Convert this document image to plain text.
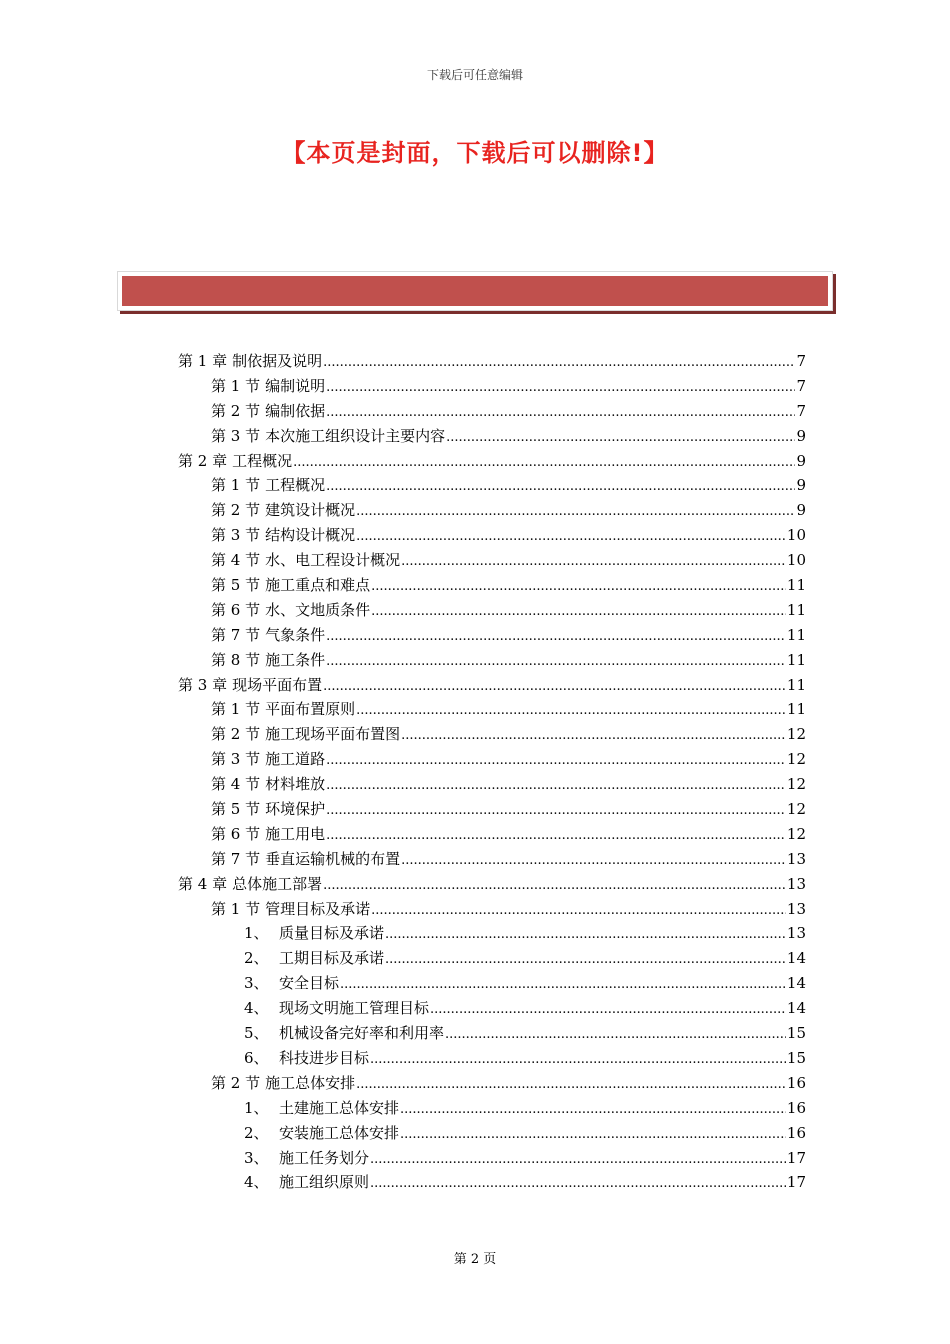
下载后可任意编辑
【本页是封面，下载后可以删除!】
第 1 章 制依据及说明 .....	7
第 1 节 编制说明 .....	7
第 2 节 编制依据 .....	7
第 3 节 本次施工组织设计主要内容 .....	9
第 2 章 工程概况 .....	9
第 1 节 工程概况 .....	9
第 2 节 建筑设计概况 .....	9
第 3 节 结构设计概况 .....	10
第 4 节 水、电工程设计概况 .....	10
第 5 节 施工重点和难点 .....	11
第 6 节 水、文地质条件 .....	11
第 7 节 气象条件 .....	11
第 8 节 施工条件 .....	11
第 3 章 现场平面布置 .....	11
第 1 节 平面布置原则 .....	11
第 2 节 施工现场平面布置图 .....	12
第 3 节 施工道路 .....	12
第 4 节 材料堆放 .....	12
第 5 节 环境保护 .....	12
第 6 节 施工用电 .....	12
第 7 节 垂直运输机械的布置 .....	13
第 4 章 总体施工部署 .....	13
第 1 节 管理目标及承诺 .....	13
1、 质量目标及承诺 .....	13
2、 工期目标及承诺 .....	14
3、 安全目标 .....	14
4、 现场文明施工管理目标 .....	14
5、 机械设备完好率和利用率 .....	15
6、 科技进步目标 .....	15
第 2 节 施工总体安排 .....	16
1、 土建施工总体安排 .....	16
2、 安装施工总体安排 .....	16
3、 施工任务划分 .....	17
4、 施工组织原则 .....	17
第 2 页
